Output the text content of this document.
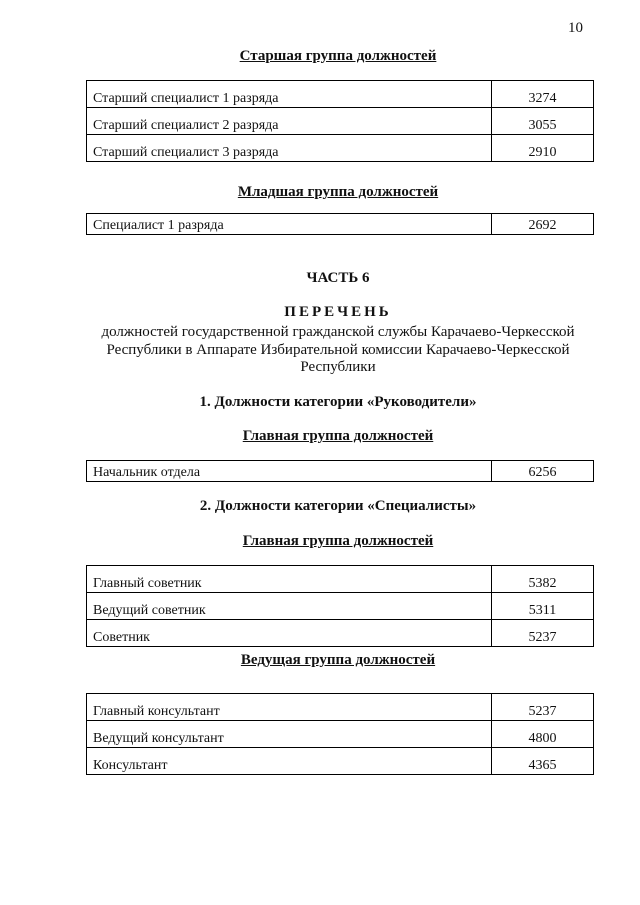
10
Старшая группа должностей
Старший специалист 1 разряда	3274
Старший специалист 2 разряда	3055
Старший специалист 3 разряда	2910
Младшая группа должностей
Специалист 1 разряда	2692
ЧАСТЬ 6
ПЕРЕЧЕНЬ
должностей государственной гражданской службы Карачаево-Черкесской
Республики в Аппарате Избирательной комиссии Карачаево-Черкесской
Республики
1. Должности категории «Руководители»
Главная группа должностей
Начальник отдела	6256
2. Должности категории «Специалисты»
Главная группа должностей
Главный советник	5382
Ведущий советник	5311
Советник	5237
Ведущая группа должностей
Главный консультант	5237
Ведущий консультант	4800
Консультант	4365
